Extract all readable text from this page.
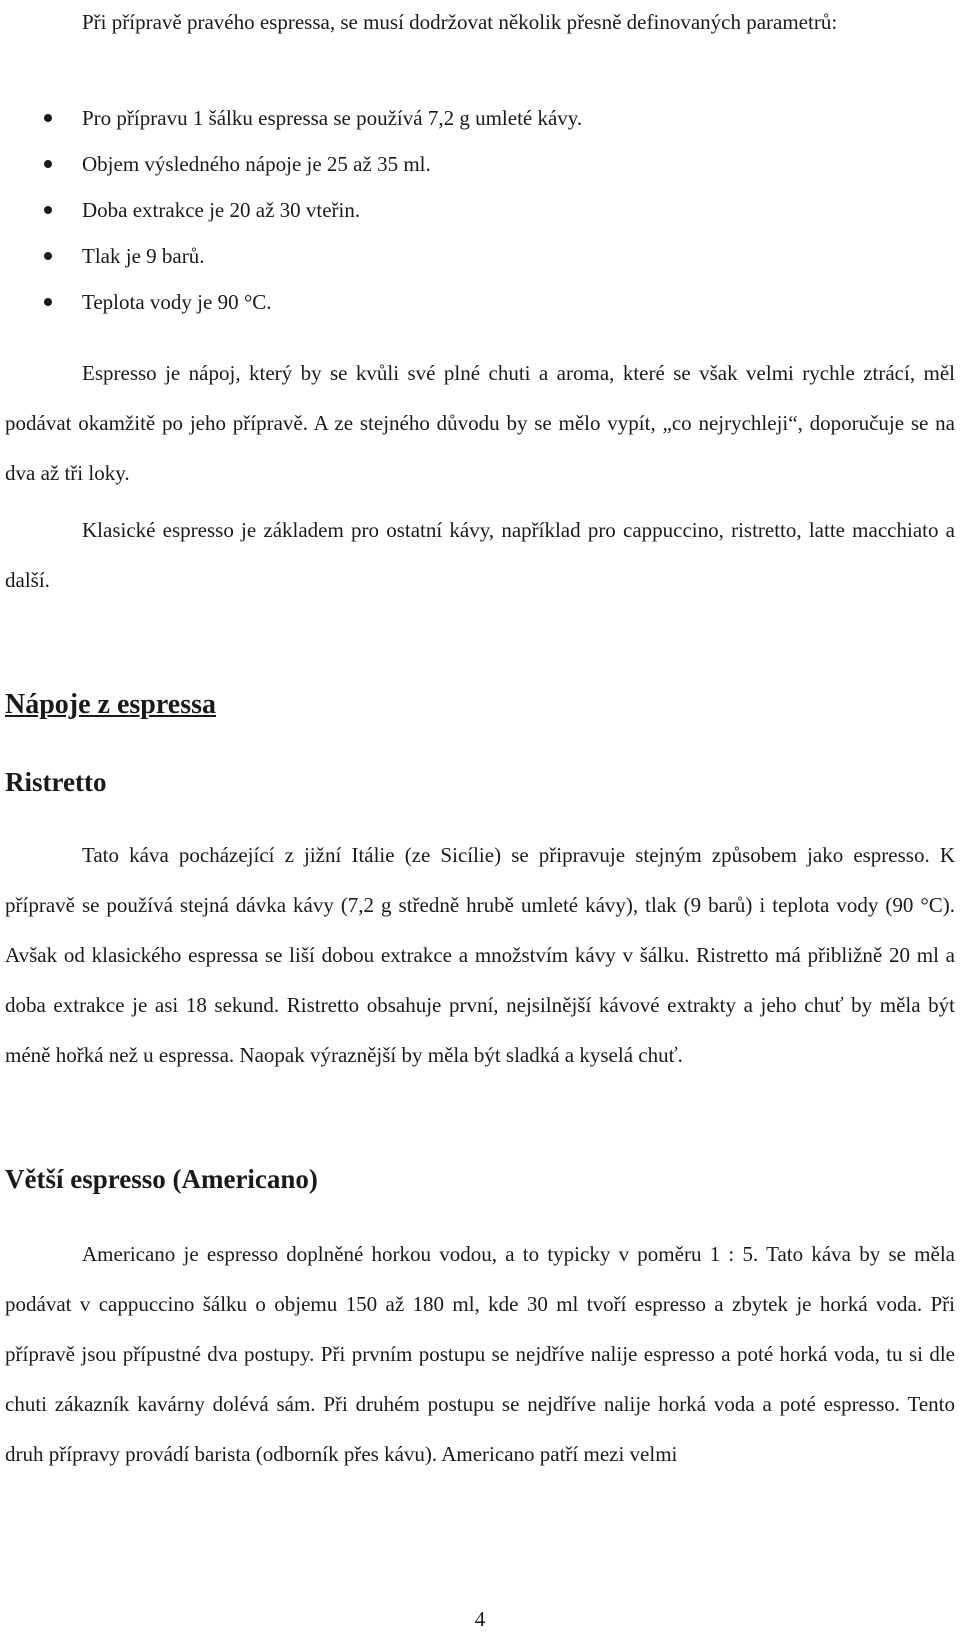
Při přípravě pravého espressa, se musí dodržovat několik přesně definovaných parametrů:

Pro přípravu 1 šálku espressa se používá 7,2 g umleté kávy.
Objem výsledného nápoje je 25 až 35 ml.
Doba extrakce je 20 až 30 vteřin.
Tlak je 9 barů.
Teplota vody je 90 °C.

Espresso je nápoj, který by se kvůli své plné chuti a aroma, které se však velmi rychle ztrácí, měl podávat okamžitě po jeho přípravě. A ze stejného důvodu by se mělo vypít, „co nejrychleji“, doporučuje se na dva až tři loky.

Klasické espresso je základem pro ostatní kávy, například pro cappuccino, ristretto, latte macchiato a další.

Nápoje z espressa
Ristretto

Tato káva pocházející z jižní Itálie (ze Sicílie) se připravuje stejným způsobem jako espresso. K přípravě se používá stejná dávka kávy (7,2 g středně hrubě umleté kávy), tlak (9 barů) i teplota vody (90 °C). Avšak od klasického espressa se liší dobou extrakce a množstvím kávy v šálku. Ristretto má přibližně 20 ml a doba extrakce je asi 18 sekund. Ristretto obsahuje první, nejsilnější kávové extrakty a jeho chuť by měla být méně hořká než u espressa. Naopak výraznější by měla být sladká a kyselá chuť.

Větší espresso (Americano)

Americano je espresso doplněné horkou vodou, a to typicky v poměru 1 : 5. Tato káva by se měla podávat v cappuccino šálku o objemu 150 až 180 ml, kde 30 ml tvoří espresso a zbytek je horká voda. Při přípravě jsou přípustné dva postupy. Při prvním postupu se nejdříve nalije espresso a poté horká voda, tu si dle chuti zákazník kavárny dolévá sám. Při druhém postupu se nejdříve nalije horká voda a poté espresso. Tento druh přípravy provádí barista (odborník přes kávu). Americano patří mezi velmi

4
